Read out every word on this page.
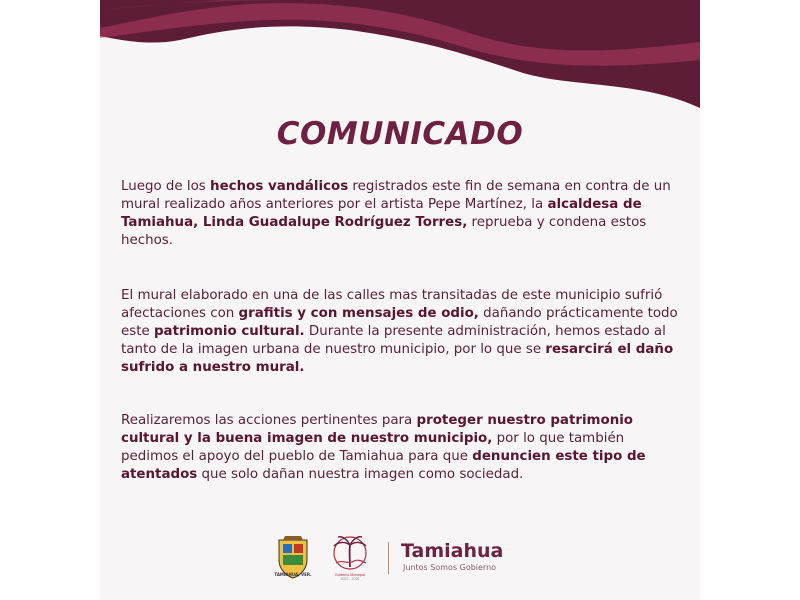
COMUNICADO
Luego de los hechos vandálicos registrados este fin de semana en contra de un mural realizado años anteriores por el artista Pepe Martínez, la alcaldesa de Tamiahua, Linda Guadalupe Rodríguez Torres, reprueba y condena estos hechos.
El mural elaborado en una de las calles mas transitadas de este municipio sufrió afectaciones con grafitis y con mensajes de odio, dañando prácticamente todo este patrimonio cultural. Durante la presente administración, hemos estado al tanto de la imagen urbana de nuestro municipio, por lo que se resarcirá el daño sufrido a nuestro mural.
Realizaremos las acciones pertinentes para proteger nuestro patrimonio cultural y la buena imagen de nuestro municipio, por lo que también pedimos el apoyo del pueblo de Tamiahua para que denuncien este tipo de atentados que solo dañan nuestra imagen como sociedad.
TAMIAHUA, VER.	Gobierno Municipal
2022 - 2025
Tamiahua
Juntos Somos Gobierno
